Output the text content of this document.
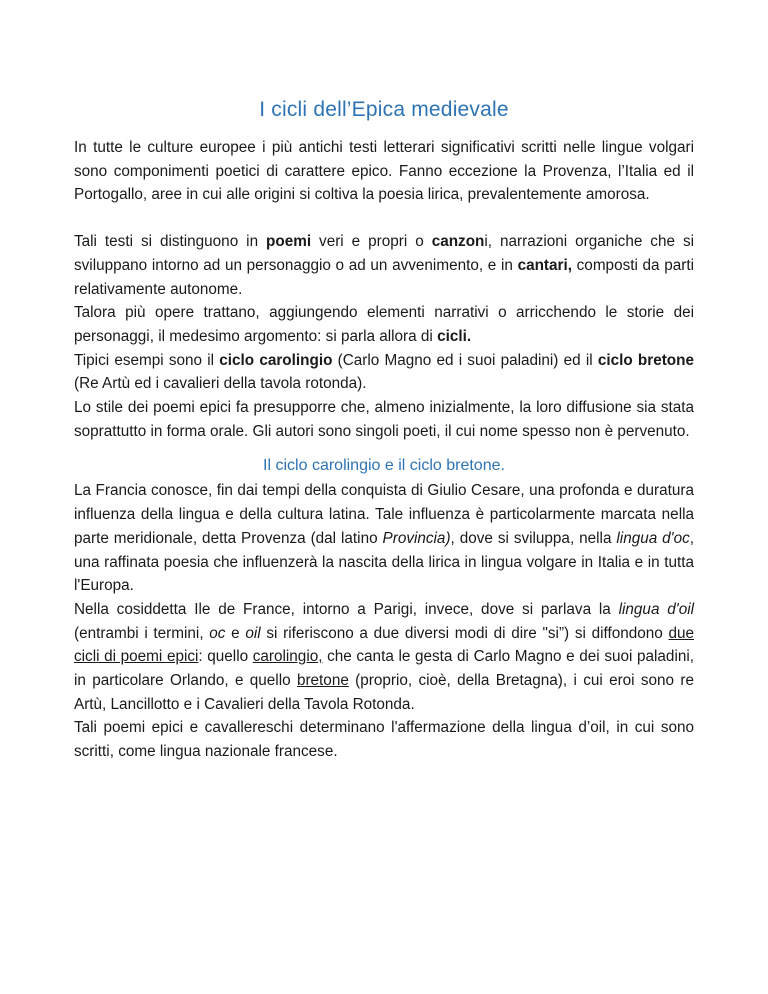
I cicli dell’Epica medievale

In tutte le culture europee i più antichi testi letterari significativi scritti nelle lingue volgari sono componimenti poetici di carattere epico. Fanno eccezione la Provenza, l’Italia ed il Portogallo, aree in cui alle origini si coltiva la poesia lirica, prevalentemente amorosa.

Tali testi si distinguono in poemi veri e propri o canzoni, narrazioni organiche che si sviluppano intorno ad un personaggio o ad un avvenimento, e in cantari, composti da parti relativamente autonome.

Talora più opere trattano, aggiungendo elementi narrativi o arricchendo le storie dei personaggi, il medesimo argomento: si parla allora di cicli.

Tipici esempi sono il ciclo carolingio (Carlo Magno ed i suoi paladini) ed il ciclo bretone (Re Artù ed i cavalieri della tavola rotonda).

Lo stile dei poemi epici fa presupporre che, almeno inizialmente, la loro diffusione sia stata soprattutto in forma orale. Gli autori sono singoli poeti, il cui nome spesso non è pervenuto.

Il ciclo carolingio e il ciclo bretone.

La Francia conosce, fin dai tempi della conquista di Giulio Cesare, una profonda e duratura influenza della lingua e della cultura latina. Tale influenza è particolarmente marcata nella parte meridionale, detta Provenza (dal latino Provincia), dove si sviluppa, nella lingua d'oc, una raffinata poesia che influenzerà la nascita della lirica in lingua volgare in Italia e in tutta l'Europa.

Nella cosiddetta Ile de France, intorno a Parigi, invece, dove si parlava la lingua d'oil (entrambi i termini, oc e oil si riferiscono a due diversi modi di dire "si”) si diffondono due cicli di poemi epici: quello carolingio, che canta le gesta di Carlo Magno e dei suoi paladini, in particolare Orlando, e quello bretone (proprio, cioè, della Bretagna), i cui eroi sono re Artù, Lancillotto e i Cavalieri della Tavola Rotonda.

Tali poemi epici e cavallereschi determinano l'affermazione della lingua d’oil, in cui sono scritti, come lingua nazionale francese.
